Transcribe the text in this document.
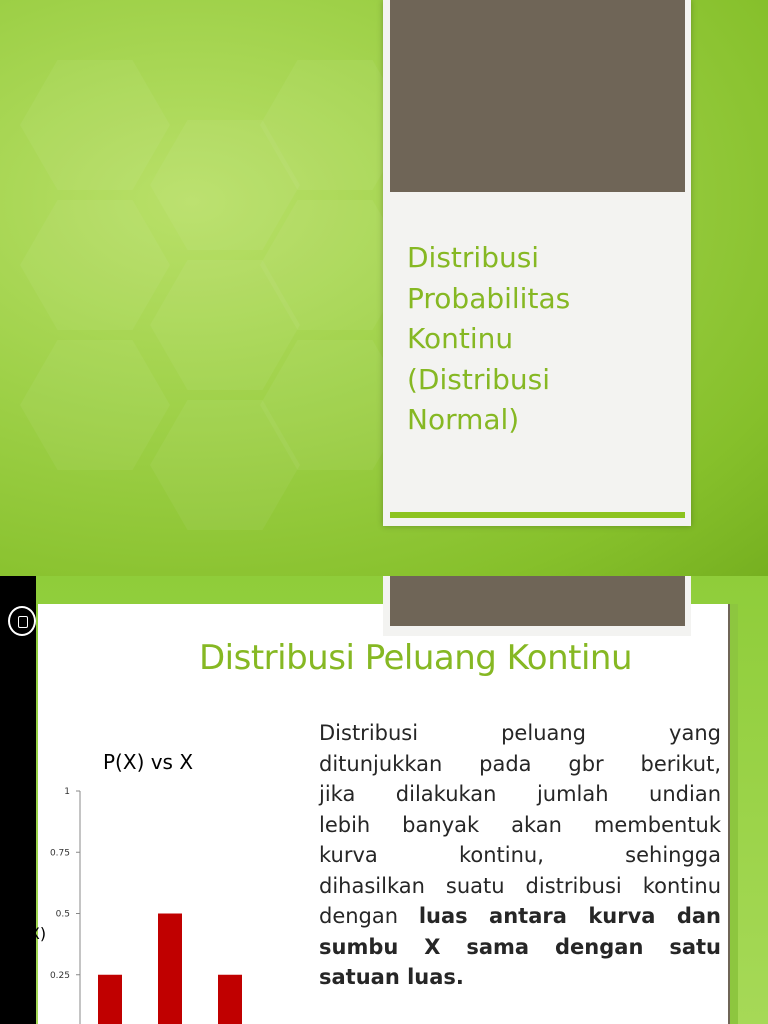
Distribusi
Probabilitas
Kontinu
(Distribusi
Normal)
ITS
Institut
Teknologi
Sepuluh Nopember
Distribusi Peluang Kontinu
P(X) vs X
P(X)
1
0.75
0.5
0.25
Distribusi peluang yang
ditunjukkan pada gbr berikut,
jika dilakukan jumlah undian
lebih banyak akan membentuk
kurva kontinu, sehingga
dihasilkan suatu distribusi kontinu
dengan luas antara kurva dan
sumbu X sama dengan satu
satuan luas.
